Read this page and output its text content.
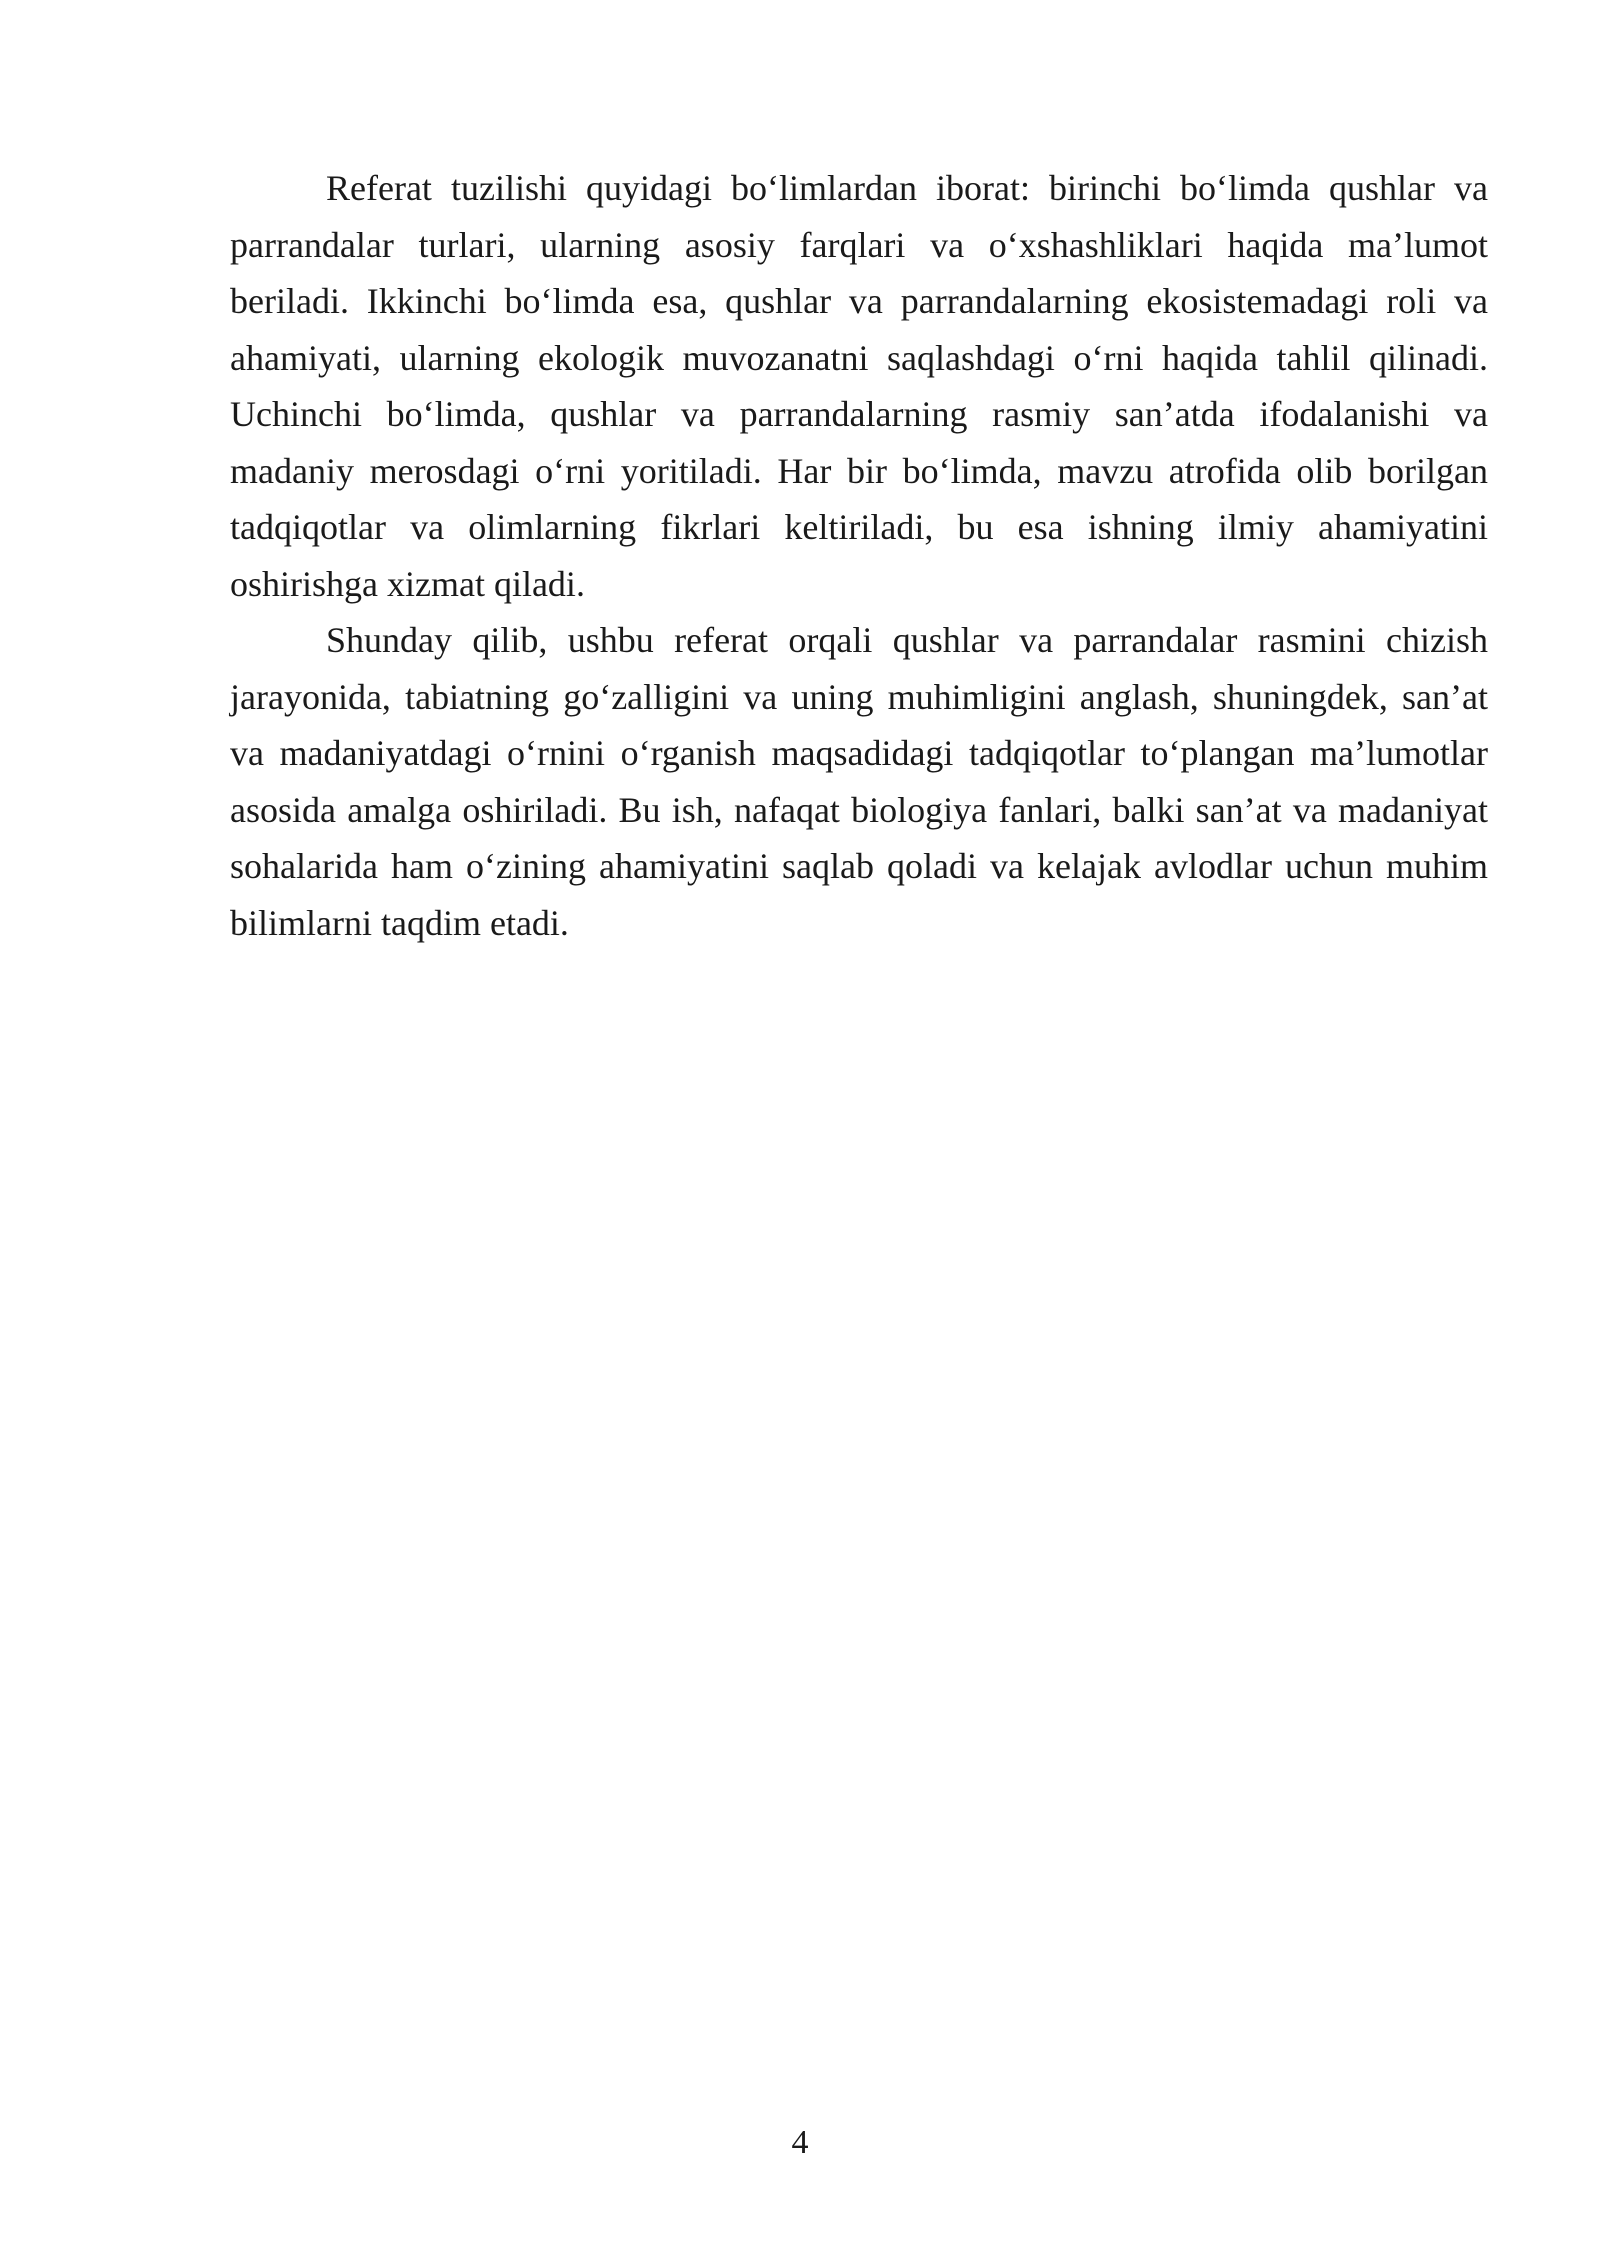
Referat tuzilishi quyidagi bo‘limlardan iborat: birinchi bo‘limda qushlar va parrandalar turlari, ularning asosiy farqlari va o‘xshashliklari haqida ma’lumot beriladi. Ikkinchi bo‘limda esa, qushlar va parrandalarning ekosistemadagi roli va ahamiyati, ularning ekologik muvozanatni saqlashdagi o‘rni haqida tahlil qilinadi. Uchinchi bo‘limda, qushlar va parrandalarning rasmiy san’atda ifodalanishi va madaniy merosdagi o‘rni yoritiladi. Har bir bo‘limda, mavzu atrofida olib borilgan tadqiqotlar va olimlarning fikrlari keltiriladi, bu esa ishning ilmiy ahamiyatini oshirishga xizmat qiladi.

Shunday qilib, ushbu referat orqali qushlar va parrandalar rasmini chizish jarayonida, tabiatning go‘zalligini va uning muhimligini anglash, shuningdek, san’at va madaniyatdagi o‘rnini o‘rganish maqsadidagi tadqiqotlar to‘plangan ma’lumotlar asosida amalga oshiriladi. Bu ish, nafaqat biologiya fanlari, balki san’at va madaniyat sohalarida ham o‘zining ahamiyatini saqlab qoladi va kelajak avlodlar uchun muhim bilimlarni taqdim etadi.

4
